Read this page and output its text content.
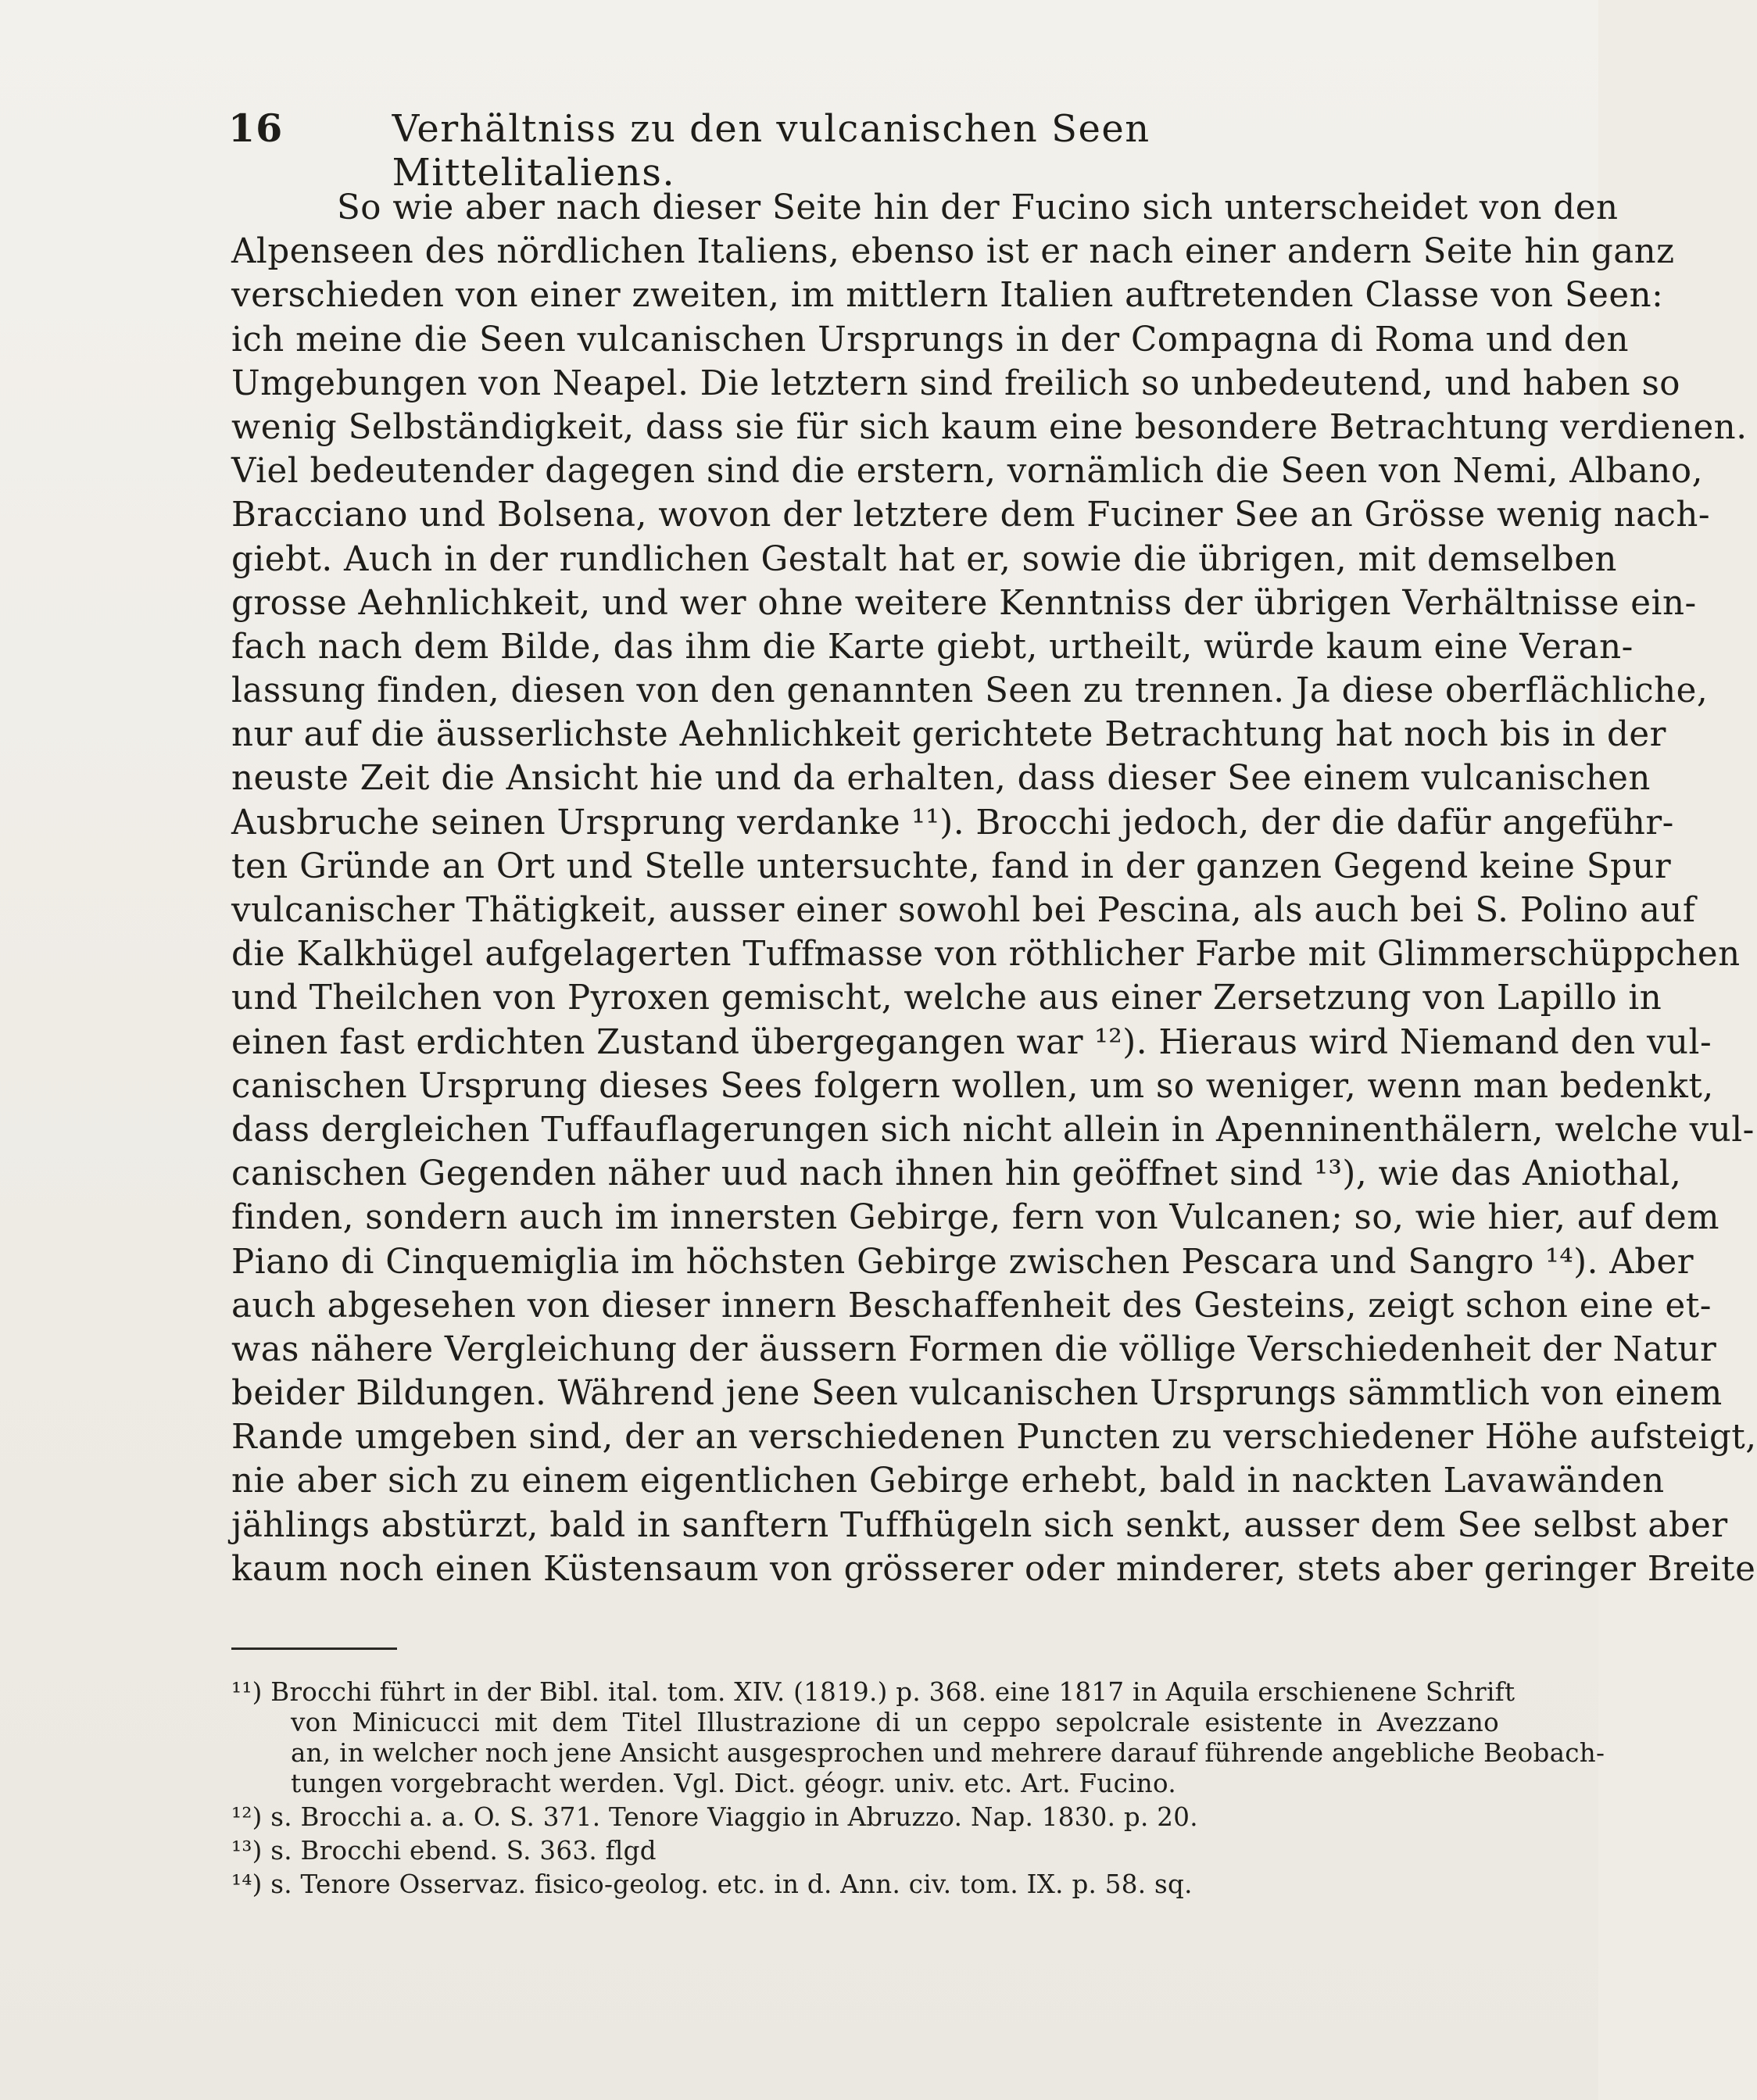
16	Verhältniss zu den vulcanischen Seen Mittelitaliens.
So wie aber nach dieser Seite hin der Fucino sich unterscheidet von den
Alpenseen des nördlichen Italiens, ebenso ist er nach einer andern Seite hin ganz
verschieden von einer zweiten, im mittlern Italien auftretenden Classe von Seen:
ich meine die Seen vulcanischen Ursprungs in der Compagna di Roma und den
Umgebungen von Neapel. Die letztern sind freilich so unbedeutend, und haben so
wenig Selbständigkeit, dass sie für sich kaum eine besondere Betrachtung verdienen.
Viel bedeutender dagegen sind die erstern, vornämlich die Seen von Nemi, Albano,
Bracciano und Bolsena, wovon der letztere dem Fuciner See an Grösse wenig nach-
giebt. Auch in der rundlichen Gestalt hat er, sowie die übrigen, mit demselben
grosse Aehnlichkeit, und wer ohne weitere Kenntniss der übrigen Verhältnisse ein-
fach nach dem Bilde, das ihm die Karte giebt, urtheilt, würde kaum eine Veran-
lassung finden, diesen von den genannten Seen zu trennen. Ja diese oberflächliche,
nur auf die äusserlichste Aehnlichkeit gerichtete Betrachtung hat noch bis in der
neuste Zeit die Ansicht hie und da erhalten, dass dieser See einem vulcanischen
Ausbruche seinen Ursprung verdanke ¹¹). Brocchi jedoch, der die dafür angeführ-
ten Gründe an Ort und Stelle untersuchte, fand in der ganzen Gegend keine Spur
vulcanischer Thätigkeit, ausser einer sowohl bei Pescina, als auch bei S. Polino auf
die Kalkhügel aufgelagerten Tuffmasse von röthlicher Farbe mit Glimmerschüppchen
und Theilchen von Pyroxen gemischt, welche aus einer Zersetzung von Lapillo in
einen fast erdichten Zustand übergegangen war ¹²). Hieraus wird Niemand den vul-
canischen Ursprung dieses Sees folgern wollen, um so weniger, wenn man bedenkt,
dass dergleichen Tuffauflagerungen sich nicht allein in Apenninenthälern, welche vul-
canischen Gegenden näher uud nach ihnen hin geöffnet sind ¹³), wie das Aniothal,
finden, sondern auch im innersten Gebirge, fern von Vulcanen; so, wie hier, auf dem
Piano di Cinquemiglia im höchsten Gebirge zwischen Pescara und Sangro ¹⁴). Aber
auch abgesehen von dieser innern Beschaffenheit des Gesteins, zeigt schon eine et-
was nähere Vergleichung der äussern Formen die völlige Verschiedenheit der Natur
beider Bildungen. Während jene Seen vulcanischen Ursprungs sämmtlich von einem
Rande umgeben sind, der an verschiedenen Puncten zu verschiedener Höhe aufsteigt,
nie aber sich zu einem eigentlichen Gebirge erhebt, bald in nackten Lavawänden
jählings abstürzt, bald in sanftern Tuffhügeln sich senkt, ausser dem See selbst aber
kaum noch einen Küstensaum von grösserer oder minderer, stets aber geringer Breite
¹¹) Brocchi führt in der Bibl. ital. tom. XIV. (1819.) p. 368. eine 1817 in Aquila erschienene Schrift
von Minicucci mit dem Titel Illustrazione di un ceppo sepolcrale esistente in Avezzano
an, in welcher noch jene Ansicht ausgesprochen und mehrere darauf führende angebliche Beobach-
tungen vorgebracht werden. Vgl. Dict. géogr. univ. etc. Art. Fucino.
¹²) s. Brocchi a. a. O. S. 371. Tenore Viaggio in Abruzzo. Nap. 1830. p. 20.
¹³) s. Brocchi ebend. S. 363. flgd
¹⁴) s. Tenore Osservaz. fisico-geolog. etc. in d. Ann. civ. tom. IX. p. 58. sq.
